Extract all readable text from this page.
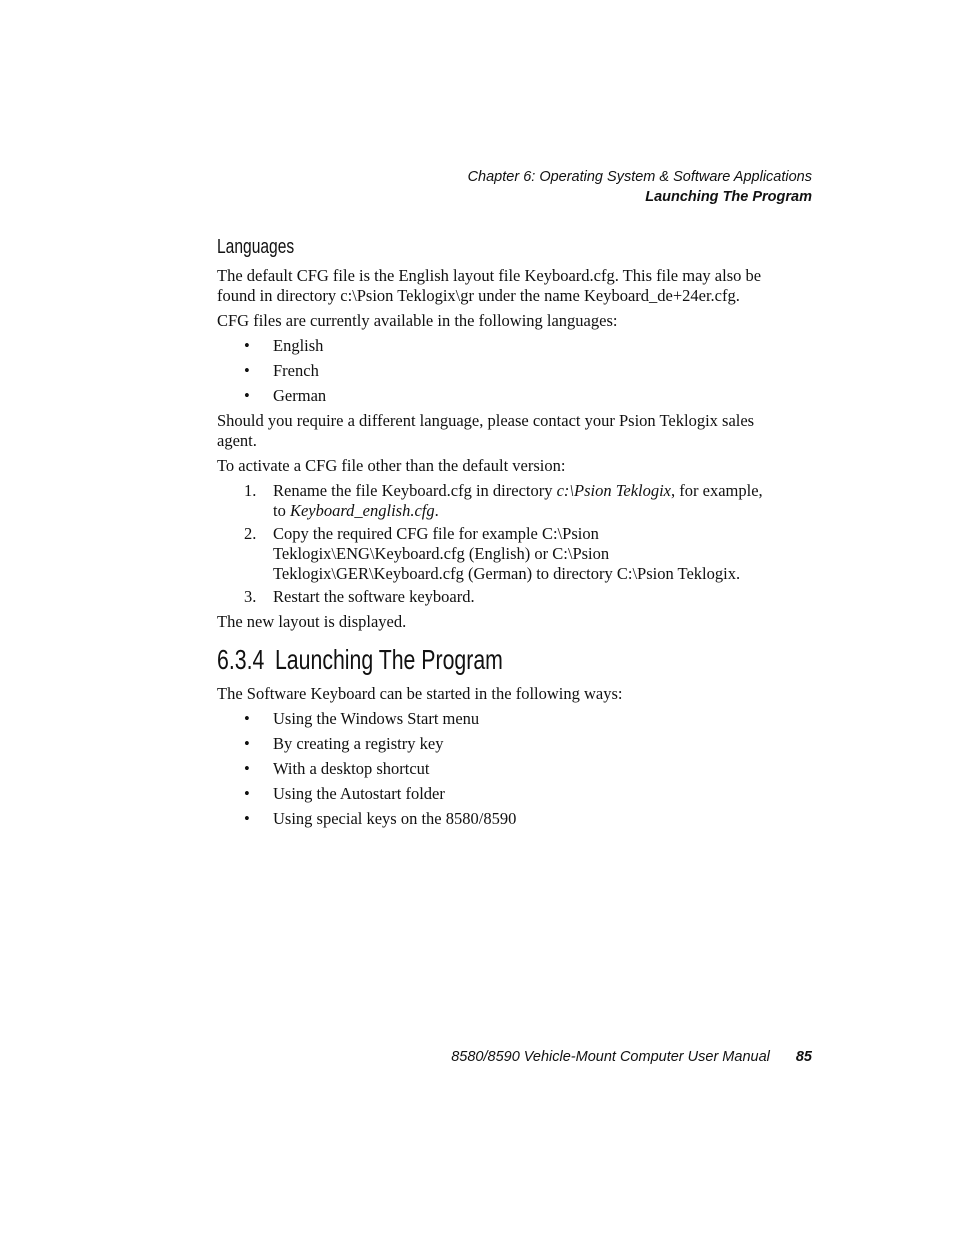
Chapter 6: Operating System & Software Applications
Launching The Program
Languages

The default CFG file is the English layout file Keyboard.cfg. This file may also be found in directory c:\Psion Teklogix\gr under the name Keyboard_de+24er.cfg.

CFG files are currently available in the following languages:

• English
• French
• German

Should you require a different language, please contact your Psion Teklogix sales agent.

To activate a CFG file other than the default version:

1. Rename the file Keyboard.cfg in directory c:\Psion Teklogix, for example, to Keyboard_english.cfg.
2. Copy the required CFG file for example C:\Psion Teklogix\ENG\Keyboard.cfg (English) or C:\Psion Teklogix\GER\Keyboard.cfg (German) to directory C:\Psion Teklogix.
3. Restart the software keyboard.

The new layout is displayed.

6.3.4 Launching The Program

The Software Keyboard can be started in the following ways:

• Using the Windows Start menu
• By creating a registry key
• With a desktop shortcut
• Using the Autostart folder
• Using special keys on the 8580/8590
8580/8590 Vehicle-Mount Computer User Manual 85
